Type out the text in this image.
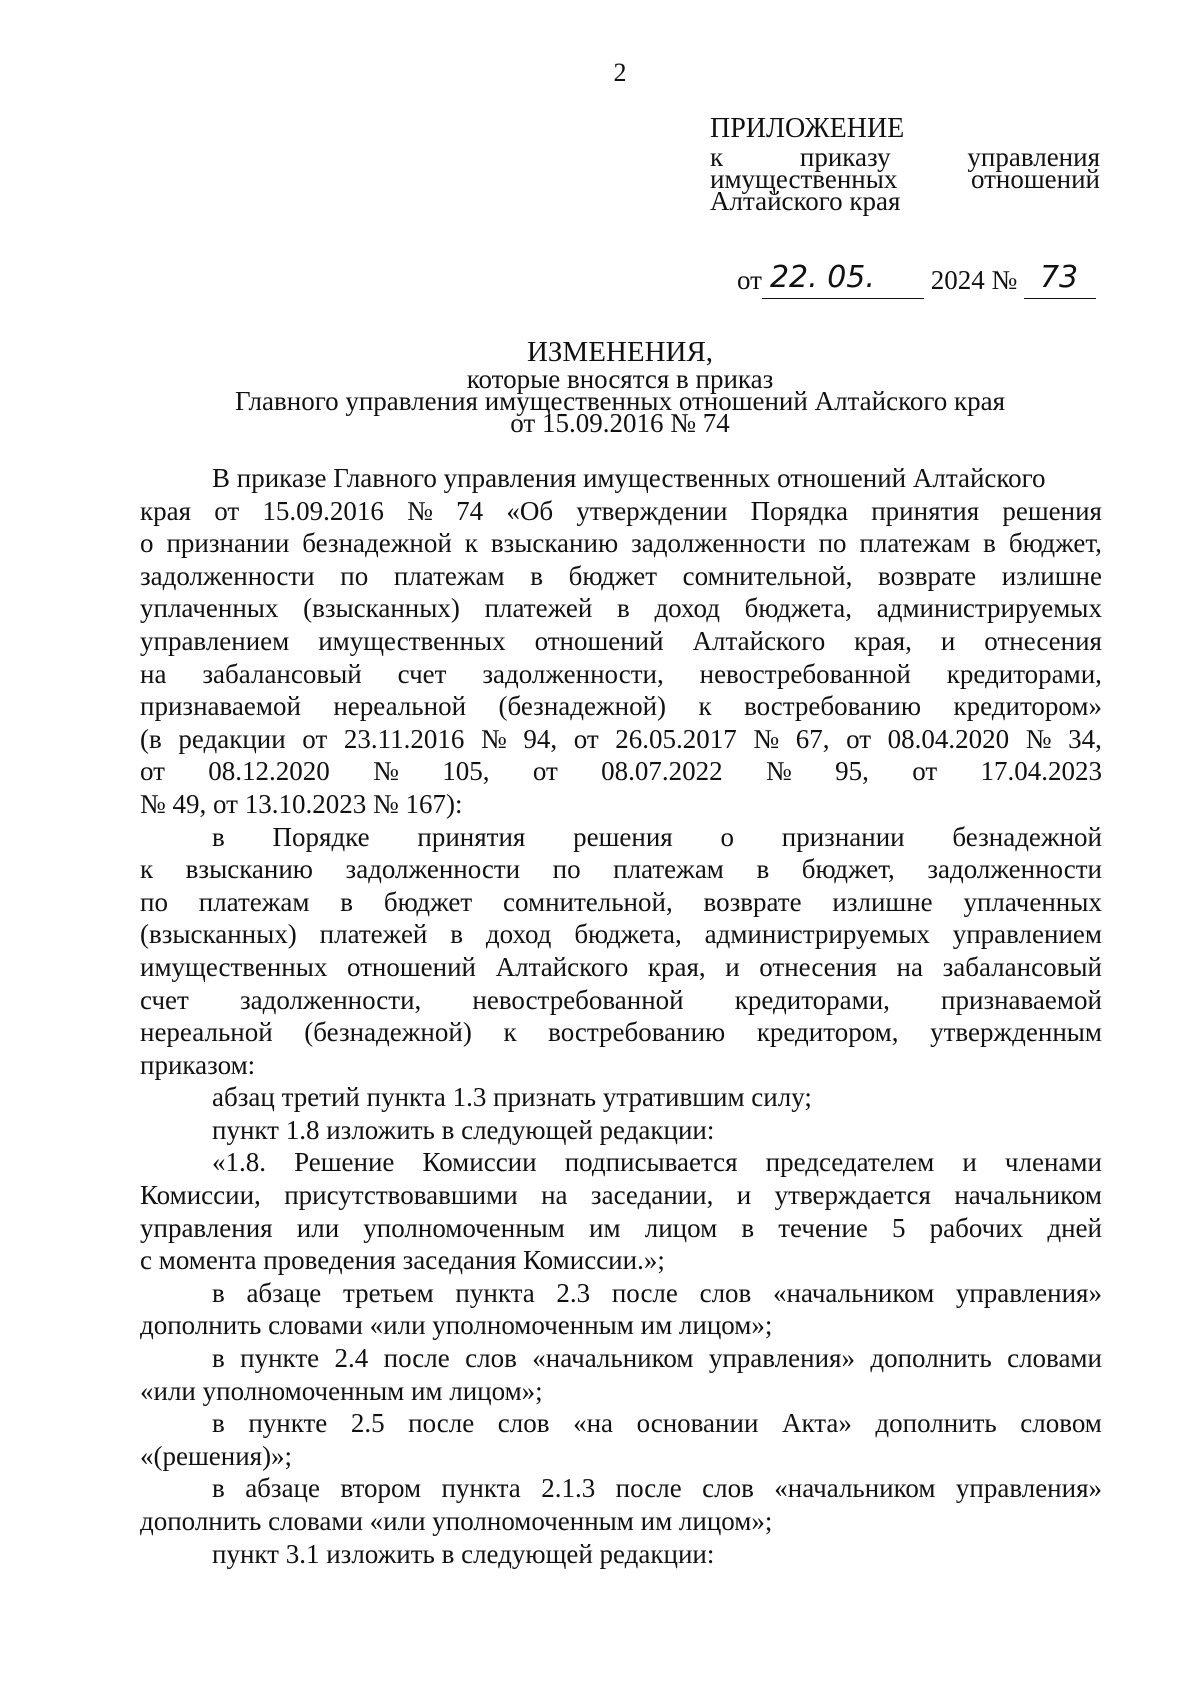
2
ПРИЛОЖЕНИЕ
к	приказу	управления
имущественных	отношений
Алтайского края

от 22. 05. 2024 № 73

ИЗМЕНЕНИЯ,
которые вносятся в приказ
Главного управления имущественных отношений Алтайского края
от 15.09.2016 № 74
В приказе Главного управления имущественных отношений Алтайского
края от 15.09.2016 № 74 «Об утверждении Порядка принятия решения
о признании безнадежной к взысканию задолженности по платежам в бюджет,
задолженности по платежам в бюджет сомнительной, возврате излишне
уплаченных (взысканных) платежей в доход бюджета, администрируемых
управлением имущественных отношений Алтайского края, и отнесения
на забалансовый счет задолженности, невостребованной кредиторами,
признаваемой нереальной (безнадежной) к востребованию кредитором»
(в редакции от 23.11.2016 № 94, от 26.05.2017 № 67, от 08.04.2020 № 34,
от 08.12.2020 № 105, от 08.07.2022 № 95, от 17.04.2023
№ 49, от 13.10.2023 № 167):
в Порядке принятия решения о признании безнадежной
к взысканию задолженности по платежам в бюджет, задолженности
по платежам в бюджет сомнительной, возврате излишне уплаченных
(взысканных) платежей в доход бюджета, администрируемых управлением
имущественных отношений Алтайского края, и отнесения на забалансовый
счет задолженности, невостребованной кредиторами, признаваемой
нереальной (безнадежной) к востребованию кредитором, утвержденным
приказом:
абзац третий пункта 1.3 признать утратившим силу;
пункт 1.8 изложить в следующей редакции:
«1.8. Решение Комиссии подписывается председателем и членами
Комиссии, присутствовавшими на заседании, и утверждается начальником
управления или уполномоченным им лицом в течение 5 рабочих дней
с момента проведения заседания Комиссии.»;
в абзаце третьем пункта 2.3 после слов «начальником управления»
дополнить словами «или уполномоченным им лицом»;
в пункте 2.4 после слов «начальником управления» дополнить словами
«или уполномоченным им лицом»;
в пункте 2.5 после слов «на основании Акта» дополнить словом
«(решения)»;
в абзаце втором пункта 2.1.3 после слов «начальником управления»
дополнить словами «или уполномоченным им лицом»;
пункт 3.1 изложить в следующей редакции:
